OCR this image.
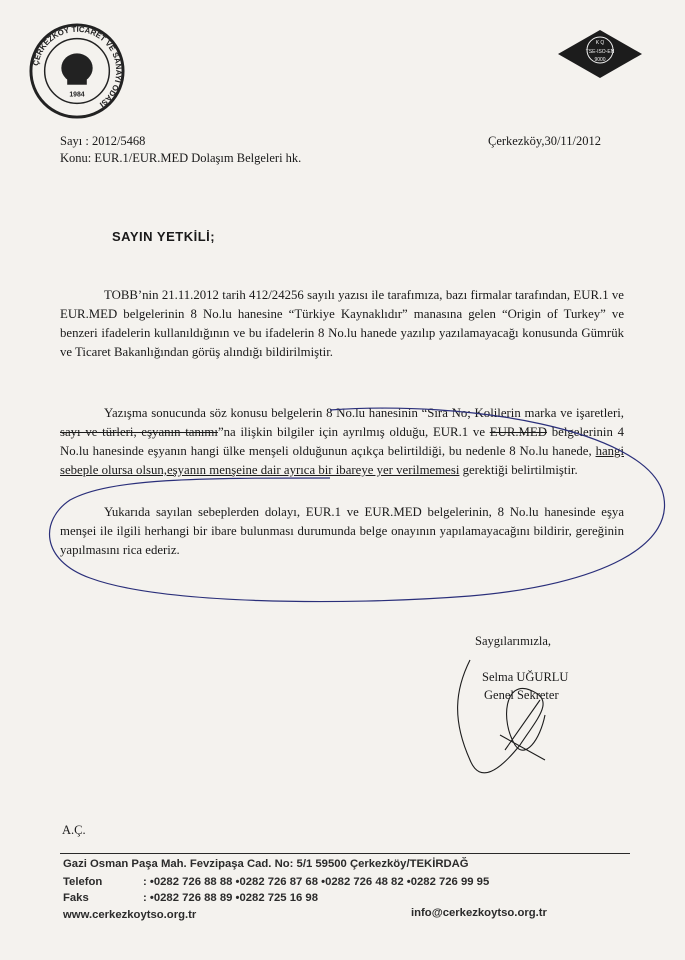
ÇERKEZKÖY TİCARET VE SANAYİ ODASI
1984
K Q
TSE-ISO-EN
9000
Sayı : 2012/5468
Konu: EUR.1/EUR.MED Dolaşım Belgeleri hk.
Çerkezköy,30/11/2012
SAYIN YETKİLİ;
TOBB’nin 21.11.2012 tarih 412/24256 sayılı yazısı ile tarafımıza, bazı firmalar tarafından, EUR.1 ve EUR.MED belgelerinin 8 No.lu hanesine “Türkiye Kaynaklıdır” manasına gelen “Origin of Turkey” ve benzeri ifadelerin kullanıldığının ve bu ifadelerin 8 No.lu hanede yazılıp yazılamayacağı konusunda Gümrük ve Ticaret Bakanlığından görüş alındığı bildirilmiştir.
Yazışma sonucunda söz konusu belgelerin 8 No.lu hanesinin “Sıra No; Kolilerin marka ve işaretleri, sayı ve türleri, eşyanın tanımı”na ilişkin bilgiler için ayrılmış olduğu, EUR.1 ve EUR.MED belgelerinin 4 No.lu hanesinde eşyanın hangi ülke menşeli olduğunun açıkça belirtildiği, bu nedenle 8 No.lu hanede, hangi sebeple olursa olsun,eşyanın menşeine dair ayrıca bir ibareye yer verilmemesi gerektiği belirtilmiştir.
Yukarıda sayılan sebeplerden dolayı, EUR.1 ve EUR.MED belgelerinin, 8 No.lu hanesinde eşya menşei ile ilgili herhangi bir ibare bulunması durumunda belge onayının yapılamayacağını bildirir, gereğinin yapılmasını rica ederiz.
Saygılarımızla,
Selma UĞURLU
Genel Sekreter
A.Ç.
Gazi Osman Paşa Mah. Fevzipaşa Cad. No: 5/1 59500 Çerkezköy/TEKİRDAĞ
Telefon	: •0282 726 88 88 •0282 726 87 68 •0282 726 48 82 •0282 726 99 95
Faks	: •0282 726 88 89 •0282 725 16 98
www.cerkezkoytso.org.tr	info@cerkezkoytso.org.tr
